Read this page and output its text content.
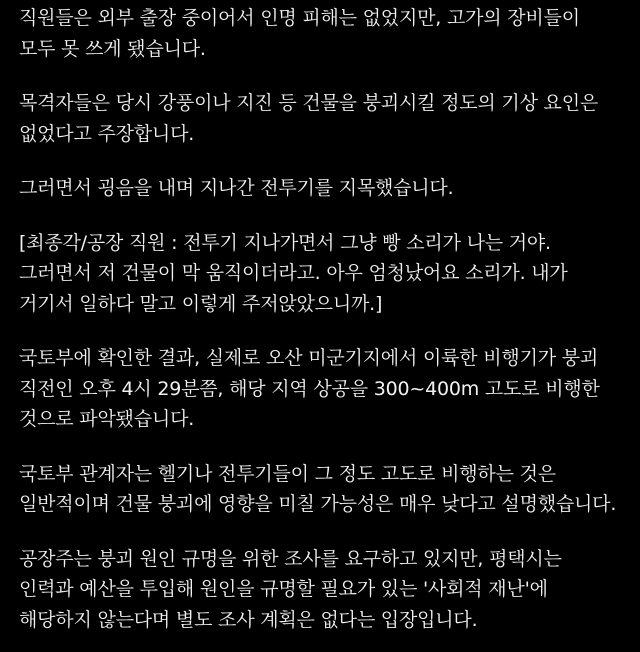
직원들은 외부 출장 중이어서 인명 피해는 없었지만, 고가의 장비들이
모두 못 쓰게 됐습니다.

목격자들은 당시 강풍이나 지진 등 건물을 붕괴시킬 정도의 기상 요인은
없었다고 주장합니다.

그러면서 굉음을 내며 지나간 전투기를 지목했습니다.

[최종각/공장 직원 : 전투기 지나가면서 그냥 빵 소리가 나는 거야.
그러면서 저 건물이 막 움직이더라고. 아우 엄청났어요 소리가. 내가
거기서 일하다 말고 이렇게 주저앉았으니까.]

국토부에 확인한 결과, 실제로 오산 미군기지에서 이륙한 비행기가 붕괴
직전인 오후 4시 29분쯤, 해당 지역 상공을 300~400m 고도로 비행한
것으로 파악됐습니다.

국토부 관계자는 헬기나 전투기들이 그 정도 고도로 비행하는 것은
일반적이며 건물 붕괴에 영향을 미칠 가능성은 매우 낮다고 설명했습니다.

공장주는 붕괴 원인 규명을 위한 조사를 요구하고 있지만, 평택시는
인력과 예산을 투입해 원인을 규명할 필요가 있는 '사회적 재난'에
해당하지 않는다며 별도 조사 계획은 없다는 입장입니다.
